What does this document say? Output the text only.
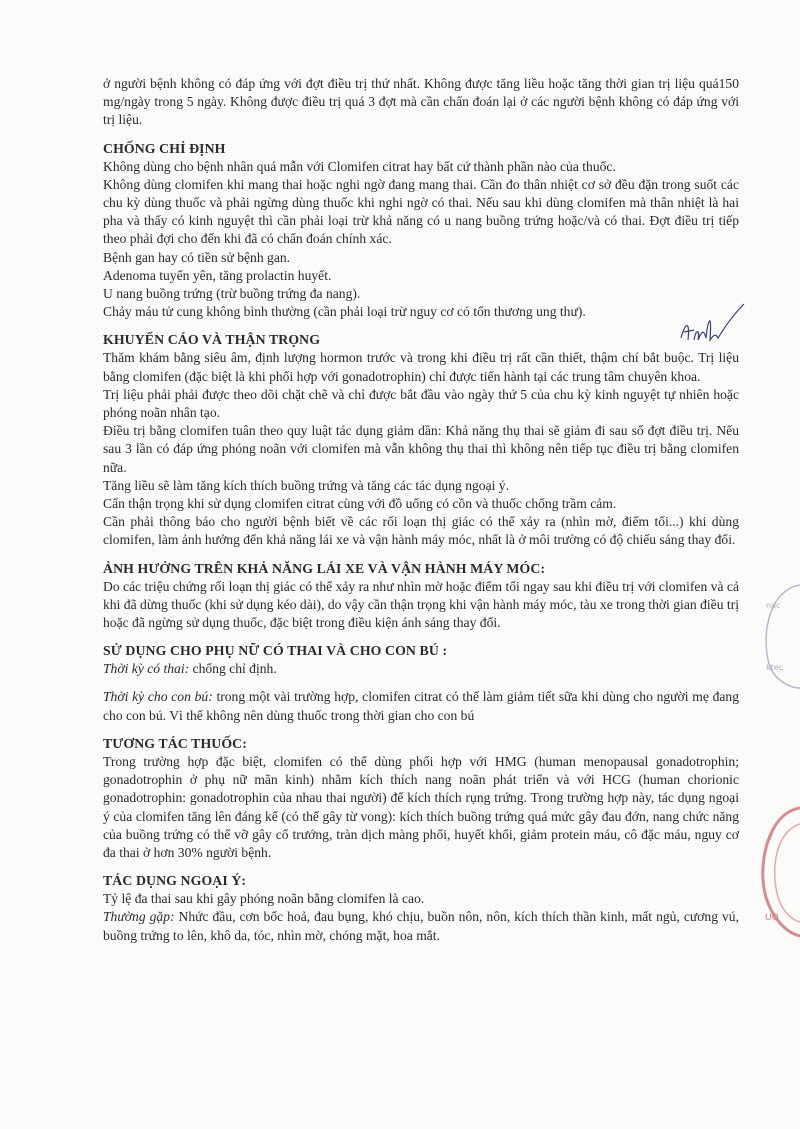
ở người bệnh không có đáp ứng với đợt điều trị thứ nhất. Không được tăng liều hoặc tăng thời gian trị liệu quá150 mg/ngày trong 5 ngày. Không được điều trị quá 3 đợt mà cần chẩn đoán lại ở các người bệnh không có đáp ứng với trị liệu.

CHỐNG CHỈ ĐỊNH

Không dùng cho bệnh nhân quá mẫn với Clomifen citrat hay bất cứ thành phần nào của thuốc.

Không dùng clomifen khi mang thai hoặc nghi ngờ đang mang thai. Cần đo thân nhiệt cơ sở đều đặn trong suốt các chu kỳ dùng thuốc và phải ngừng dùng thuốc khi nghi ngờ có thai. Nếu sau khi dùng clomifen mà thân nhiệt là hai pha và thấy có kinh nguyệt thì cần phải loại trừ khả năng có u nang buồng trứng hoặc/và có thai. Đợt điều trị tiếp theo phải đợi cho đến khi đã có chẩn đoán chính xác.

Bệnh gan hay có tiền sử bệnh gan.

Adenoma tuyến yên, tăng prolactin huyết.

U nang buồng trứng (trừ buồng trứng đa nang).

Chảy máu tử cung không bình thường (cần phải loại trừ nguy cơ có tổn thương ung thư).

KHUYẾN CÁO VÀ THẬN TRỌNG

Thăm khám bằng siêu âm, định lượng hormon trước và trong khi điều trị rất cần thiết, thậm chí bắt buộc. Trị liệu bằng clomifen (đặc biệt là khi phối hợp với gonadotrophin) chỉ được tiến hành tại các trung tâm chuyên khoa.

Trị liệu phải phải được theo dõi chặt chẽ và chỉ được bắt đầu vào ngày thứ 5 của chu kỳ kinh nguyệt tự nhiên hoặc phóng noãn nhân tạo.

Điều trị bằng clomifen tuân theo quy luật tác dụng giảm dần: Khả năng thụ thai sẽ giảm đi sau số đợt điều trị. Nếu sau 3 lần có đáp ứng phóng noãn với clomifen mà vẫn không thụ thai thì không nên tiếp tục điều trị bằng clomifen nữa.

Tăng liều sẽ làm tăng kích thích buồng trứng và tăng các tác dụng ngoại ý.

Cẩn thận trọng khi sử dụng clomifen citrat cùng với đồ uống có cồn và thuốc chống trầm cảm.

Cần phải thông báo cho người bệnh biết về các rối loạn thị giác có thể xảy ra (nhìn mờ, điểm tối...) khi dùng clomifen, làm ảnh hưởng đến khả năng lái xe và vận hành máy móc, nhất là ở môi trường có độ chiếu sáng thay đổi.

ẢNH HƯỞNG TRÊN KHẢ NĂNG LÁI XE VÀ VẬN HÀNH MÁY MÓC:

Do các triệu chứng rối loạn thị giác có thể xảy ra như nhìn mờ hoặc điểm tối ngay sau khi điều trị với clomifen và cả khi đã dừng thuốc (khi sử dụng kéo dài), do vậy cần thận trọng khi vận hành máy móc, tàu xe trong thời gian điều trị hoặc đã ngừng sử dụng thuốc, đặc biệt trong điều kiện ánh sáng thay đổi.

SỬ DỤNG CHO PHỤ NỮ CÓ THAI VÀ CHO CON BÚ :

Thời kỳ có thai: chống chỉ định.

Thời kỳ cho con bú: trong một vài trường hợp, clomifen citrat có thể làm giảm tiết sữa khi dùng cho người mẹ đang cho con bú. Vì thế không nên dùng thuốc trong thời gian cho con bú

TƯƠNG TÁC THUỐC:

Trong trường hợp đặc biệt, clomifen có thể dùng phối hợp với HMG (human menopausal gonadotrophin; gonadotrophin ở phụ nữ mãn kinh) nhằm kích thích nang noãn phát triển và với HCG (human chorionic gonadotrophin: gonadotrophin của nhau thai người) để kích thích rụng trứng. Trong trường hợp này, tác dụng ngoại ý của clomifen tăng lên đáng kể (có thể gây từ vong): kích thích buồng trứng quá mức gây đau đớn, nang chức năng của buồng trứng có thể vỡ gây cổ trướng, tràn dịch màng phổi, huyết khối, giảm protein máu, cô đặc máu, nguy cơ đa thai ở hơn 30% người bệnh.

TÁC DỤNG NGOẠI Ý:

Tỷ lệ đa thai sau khi gây phóng noãn bằng clomifen là cao.

Thường gặp: Nhức đầu, cơn bốc hoả, đau bụng, khó chịu, buồn nôn, nôn, kích thích thần kinh, mất ngủ, cương vú, buồng trứng to lên, khô da, tóc, nhìn mờ, chóng mặt, hoa mắt.

nac
ktec
r
UO
